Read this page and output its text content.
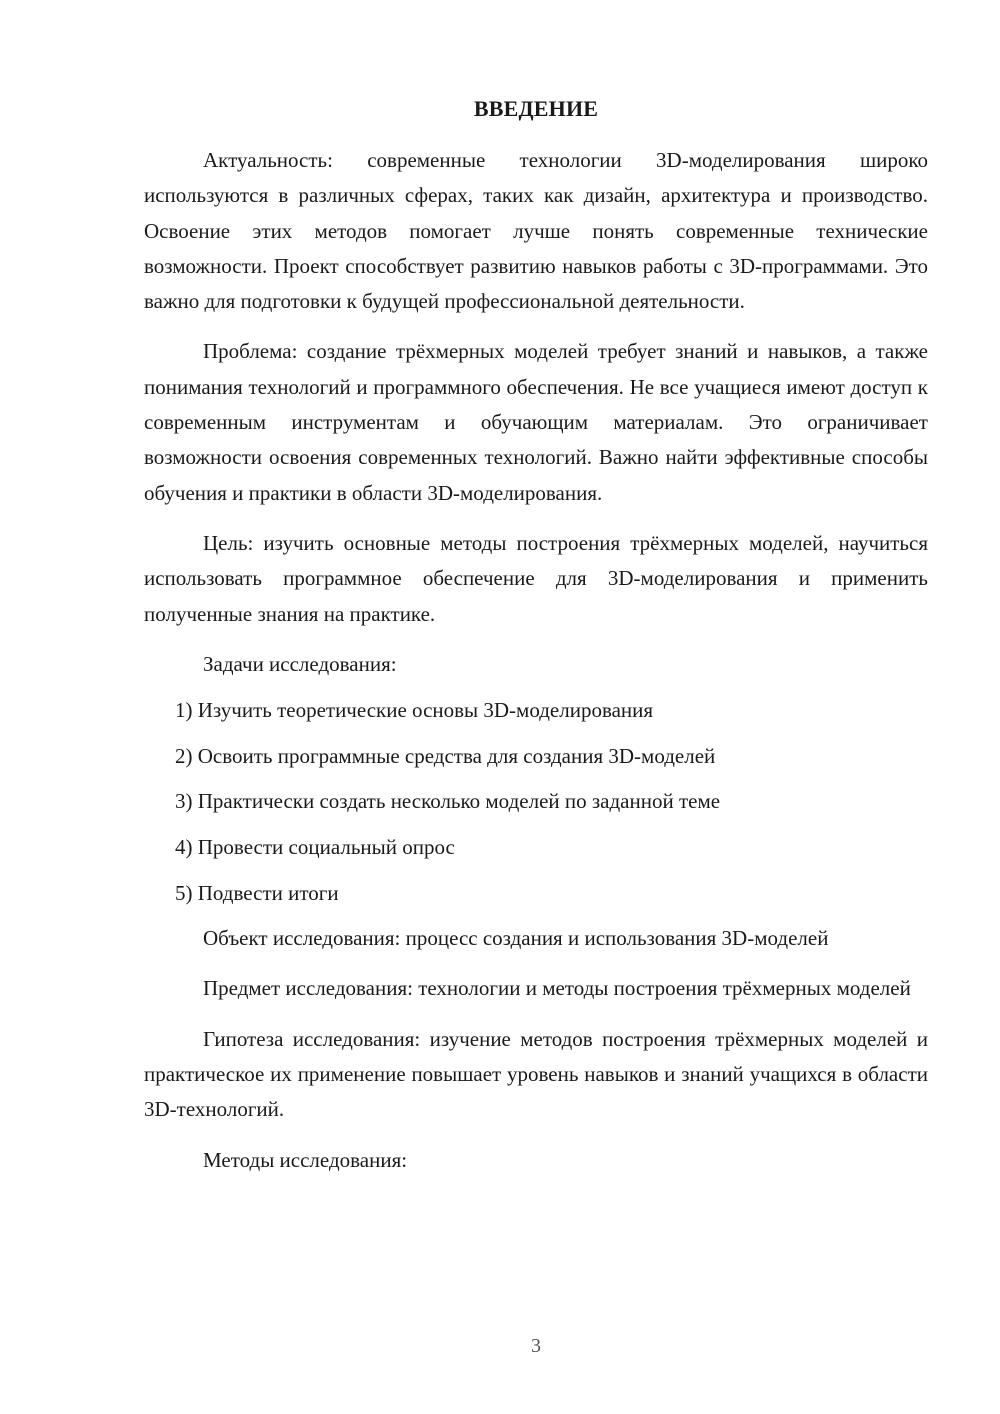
ВВЕДЕНИЕ

Актуальность: современные технологии 3D-моделирования широко используются в различных сферах, таких как дизайн, архитектура и производство. Освоение этих методов помогает лучше понять современные технические возможности. Проект способствует развитию навыков работы с 3D-программами. Это важно для подготовки к будущей профессиональной деятельности.

Проблема: создание трёхмерных моделей требует знаний и навыков, а также понимания технологий и программного обеспечения. Не все учащиеся имеют доступ к современным инструментам и обучающим материалам. Это ограничивает возможности освоения современных технологий. Важно найти эффективные способы обучения и практики в области 3D-моделирования.

Цель: изучить основные методы построения трёхмерных моделей, научиться использовать программное обеспечение для 3D-моделирования и применить полученные знания на практике.

Задачи исследования:

1) Изучить теоретические основы 3D-моделирования
2) Освоить программные средства для создания 3D-моделей
3) Практически создать несколько моделей по заданной теме
4) Провести социальный опрос
5) Подвести итоги

Объект исследования: процесс создания и использования 3D-моделей

Предмет исследования: технологии и методы построения трёхмерных моделей

Гипотеза исследования: изучение методов построения трёхмерных моделей и практическое их применение повышает уровень навыков и знаний учащихся в области 3D-технологий.

Методы исследования:

3
